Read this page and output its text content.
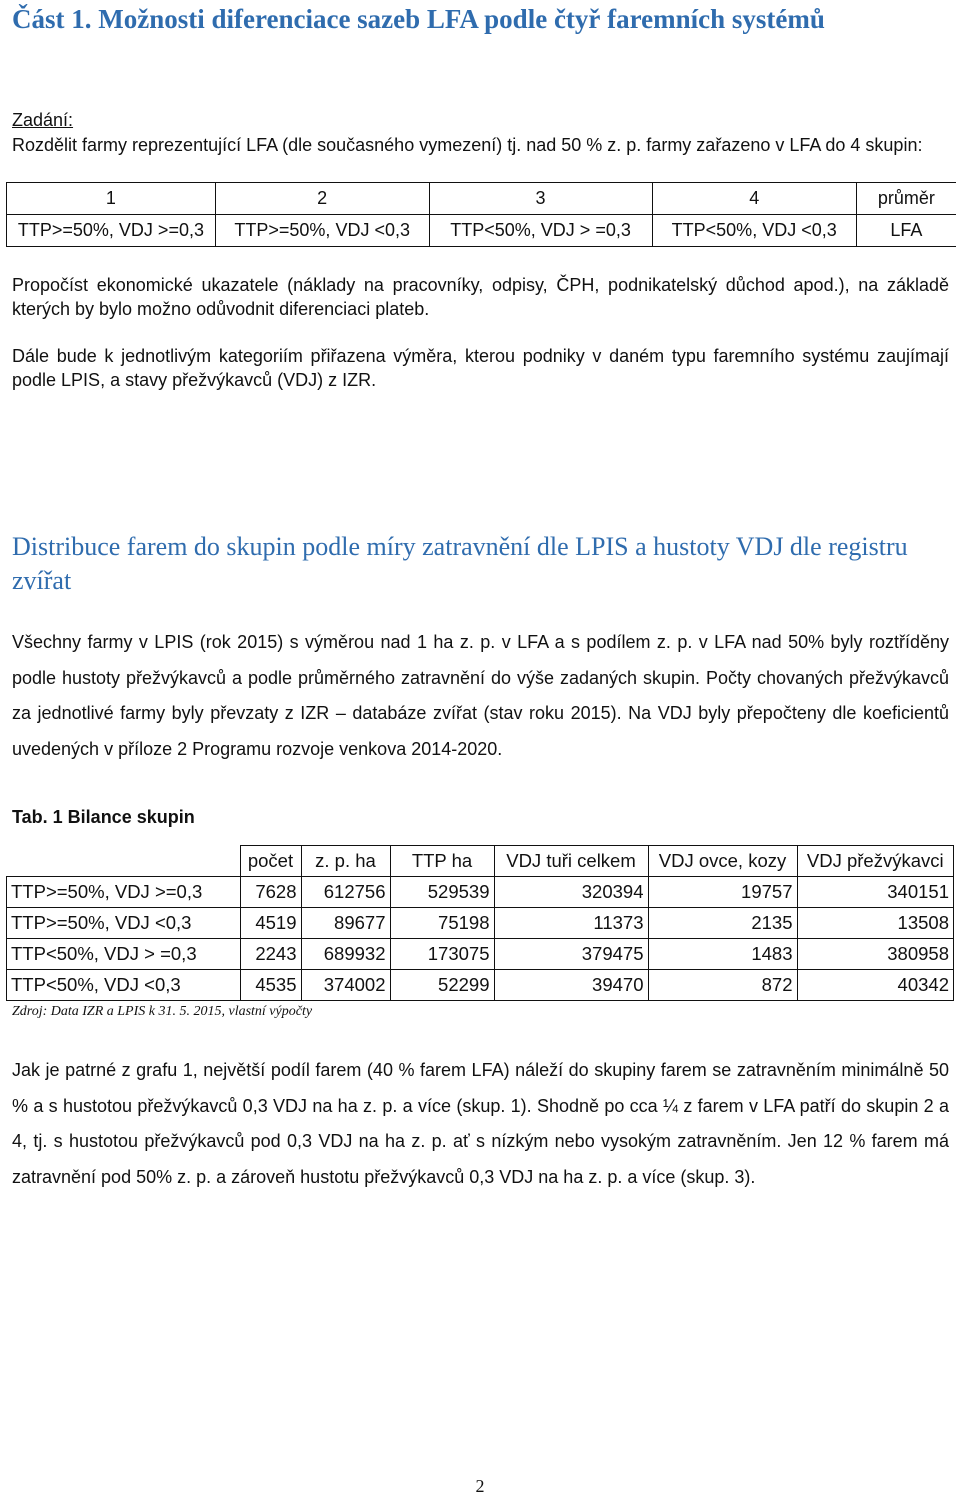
Část 1. Možnosti diferenciace sazeb LFA podle čtyř faremních systémů
Zadání:
Rozdělit farmy reprezentující LFA (dle současného vymezení) tj. nad 50 % z. p. farmy zařazeno v LFA do 4 skupin:
1	2	3	4	průměr
TTP>=50%, VDJ >=0,3	TTP>=50%, VDJ <0,3	TTP<50%, VDJ > =0,3	TTP<50%, VDJ <0,3	LFA
Propočíst ekonomické ukazatele (náklady na pracovníky, odpisy, ČPH, podnikatelský důchod apod.), na základě kterých by bylo možno odůvodnit diferenciaci plateb.
Dále bude k jednotlivým kategoriím přiřazena výměra, kterou podniky v daném typu faremního systému zaujímají podle LPIS, a stavy přežvýkavců (VDJ) z IZR.
Distribuce farem do skupin podle míry zatravnění dle LPIS a hustoty VDJ dle registru zvířat
Všechny farmy v LPIS (rok 2015) s výměrou nad 1 ha z. p. v LFA a s podílem z. p. v LFA nad 50% byly roztříděny podle hustoty přežvýkavců a podle průměrného zatravnění do výše zadaných skupin. Počty chovaných přežvýkavců za jednotlivé farmy byly převzaty z IZR – databáze zvířat (stav roku 2015). Na VDJ byly přepočteny dle koeficientů uvedených v příloze 2 Programu rozvoje venkova 2014-2020.
Tab. 1 Bilance skupin
	počet	z. p. ha	TTP ha	VDJ tuři celkem	VDJ ovce, kozy	VDJ přežvýkavci
TTP>=50%, VDJ >=0,3	7628	612756	529539	320394	19757	340151
TTP>=50%, VDJ <0,3	4519	89677	75198	11373	2135	13508
TTP<50%, VDJ > =0,3	2243	689932	173075	379475	1483	380958
TTP<50%, VDJ <0,3	4535	374002	52299	39470	872	40342
Zdroj: Data IZR a LPIS k 31. 5. 2015, vlastní výpočty
Jak je patrné z grafu 1, největší podíl farem (40 % farem LFA) náleží do skupiny farem se zatravněním minimálně 50 % a s hustotou přežvýkavců 0,3 VDJ na ha z. p. a více (skup. 1). Shodně po cca ¼ z farem v LFA patří do skupin 2 a 4, tj. s hustotou přežvýkavců pod 0,3 VDJ na ha z. p. ať s nízkým nebo vysokým zatravněním. Jen 12 % farem má zatravnění pod 50% z. p. a zároveň hustotu přežvýkavců 0,3 VDJ na ha z. p. a více (skup. 3).
2
